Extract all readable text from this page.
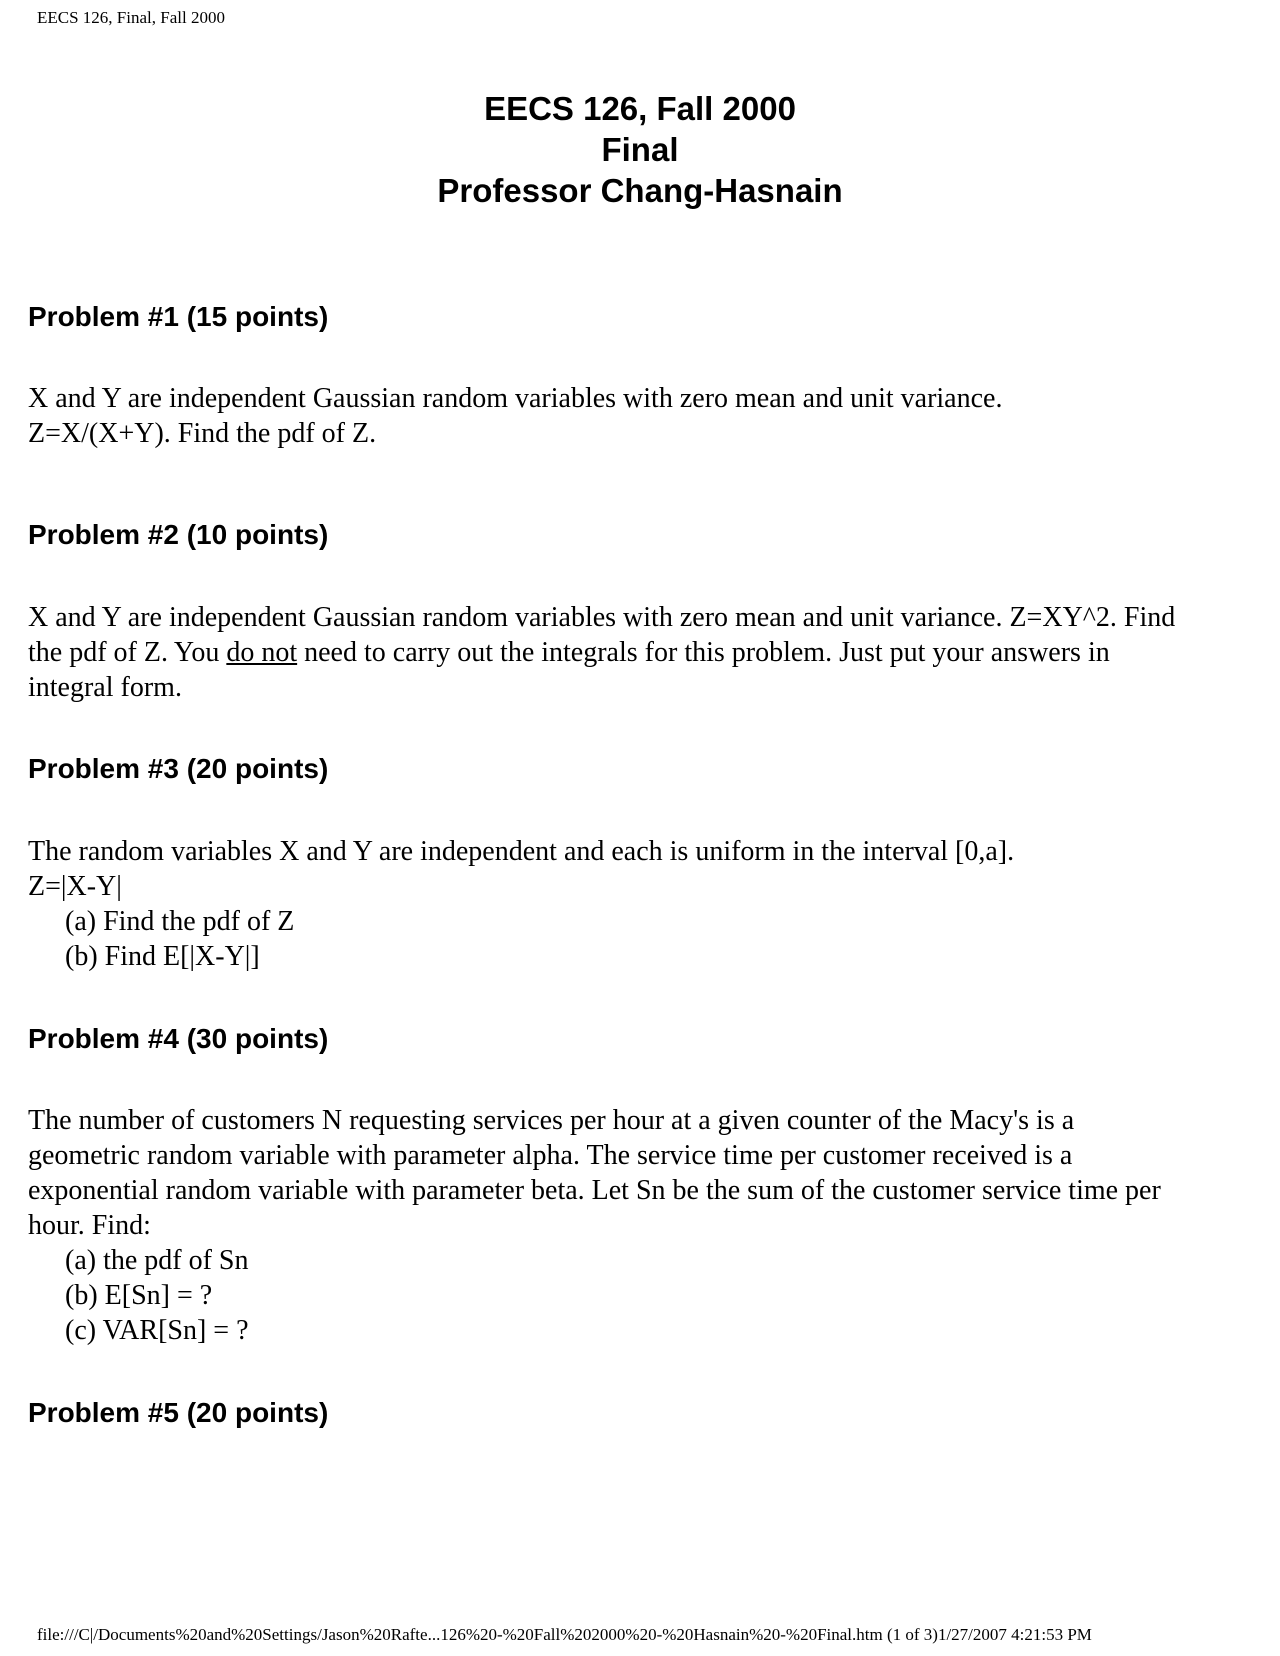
EECS 126, Final, Fall 2000
EECS 126, Fall 2000
Final
Professor Chang-Hasnain
Problem #1 (15 points)
X and Y are independent Gaussian random variables with zero mean and unit variance.
Z=X/(X+Y). Find the pdf of Z.
Problem #2 (10 points)
X and Y are independent Gaussian random variables with zero mean and unit variance. Z=XY^2. Find
the pdf of Z. You do not need to carry out the integrals for this problem. Just put your answers in
integral form.
Problem #3 (20 points)
The random variables X and Y are independent and each is uniform in the interval [0,a].
Z=|X-Y|
(a) Find the pdf of Z
(b) Find E[|X-Y|]
Problem #4 (30 points)
The number of customers N requesting services per hour at a given counter of the Macy's is a
geometric random variable with parameter alpha. The service time per customer received is a
exponential random variable with parameter beta. Let Sn be the sum of the customer service time per
hour. Find:
(a) the pdf of Sn
(b) E[Sn] = ?
(c) VAR[Sn] = ?
Problem #5 (20 points)
file:///C|/Documents%20and%20Settings/Jason%20Rafte...126%20-%20Fall%202000%20-%20Hasnain%20-%20Final.htm (1 of 3)1/27/2007 4:21:53 PM
